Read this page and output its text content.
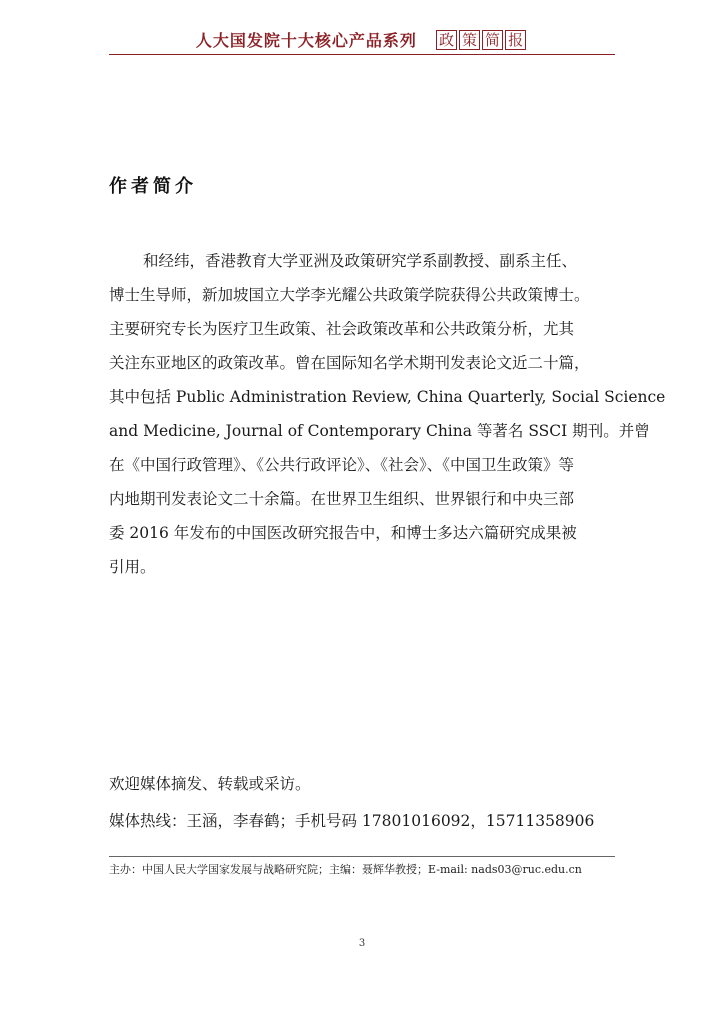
人大国发院十大核心产品系列 政 策 简 报
作者简介
和经纬，香港教育大学亚洲及政策研究学系副教授、副系主任、
博士生导师，新加坡国立大学李光耀公共政策学院获得公共政策博士。
主要研究专长为医疗卫生政策、社会政策改革和公共政策分析，尤其
关注东亚地区的政策改革。曾在国际知名学术期刊发表论文近二十篇，
其中包括 Public Administration Review, China Quarterly, Social Science
and Medicine, Journal of Contemporary China 等著名 SSCI 期刊。并曾
在《中国行政管理》、《公共行政评论》、《社会》、《中国卫生政策》等
内地期刊发表论文二十余篇。在世界卫生组织、世界银行和中央三部
委 2016 年发布的中国医改研究报告中，和博士多达六篇研究成果被
引用。
欢迎媒体摘发、转载或采访。
媒体热线：王涵，李春鹤；手机号码 17801016092，15711358906
主办：中国人民大学国家发展与战略研究院；主编：聂辉华教授；E-mail: nads03@ruc.edu.cn
3
